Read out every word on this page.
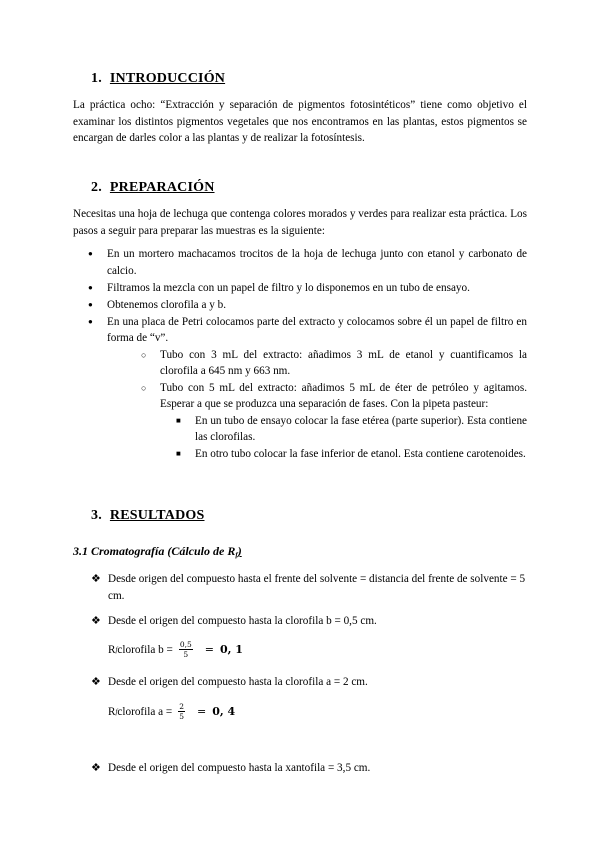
1. INTRODUCCIÓN

La práctica ocho: “Extracción y separación de pigmentos fotosintéticos” tiene como objetivo el examinar los distintos pigmentos vegetales que nos encontramos en las plantas, estos pigmentos se encargan de darles color a las plantas y de realizar la fotosíntesis.

2. PREPARACIÓN

Necesitas una hoja de lechuga que contenga colores morados y verdes para realizar esta práctica. Los pasos a seguir para preparar las muestras es la siguiente:

● En un mortero machacamos trocitos de la hoja de lechuga junto con etanol y carbonato de calcio.
● Filtramos la mezcla con un papel de filtro y lo disponemos en un tubo de ensayo.
● Obtenemos clorofila a y b.
● En una placa de Petri colocamos parte del extracto y colocamos sobre él un papel de filtro en forma de “v”.
○ Tubo con 3 mL del extracto: añadimos 3 mL de etanol y cuantificamos la clorofila a 645 nm y 663 nm.
○ Tubo con 5 mL del extracto: añadimos 5 mL de éter de petróleo y agitamos. Esperar a que se produzca una separación de fases. Con la pipeta pasteur:
■ En un tubo de ensayo colocar la fase etérea (parte superior). Esta contiene las clorofilas.
■ En otro tubo colocar la fase inferior de etanol. Esta contiene carotenoides.
3. RESULTADOS
3.1 Cromatografía (Cálculo de $R_f$)
❖ Desde origen del compuesto hasta el frente del solvente = distancia del frente de solvente = 5 cm.
❖ Desde el origen del compuesto hasta la clorofila b = 0,5 cm.
R f clorofila $b = \frac{0,5}{5} = 0$, 1
❖ Desde el origen del compuesto hasta la clorofila a = 2 cm.
R f clorofila $a = \frac{2}{5} = 0$, 4
❖ Desde el origen del compuesto hasta la xantofila = 3,5 cm.
